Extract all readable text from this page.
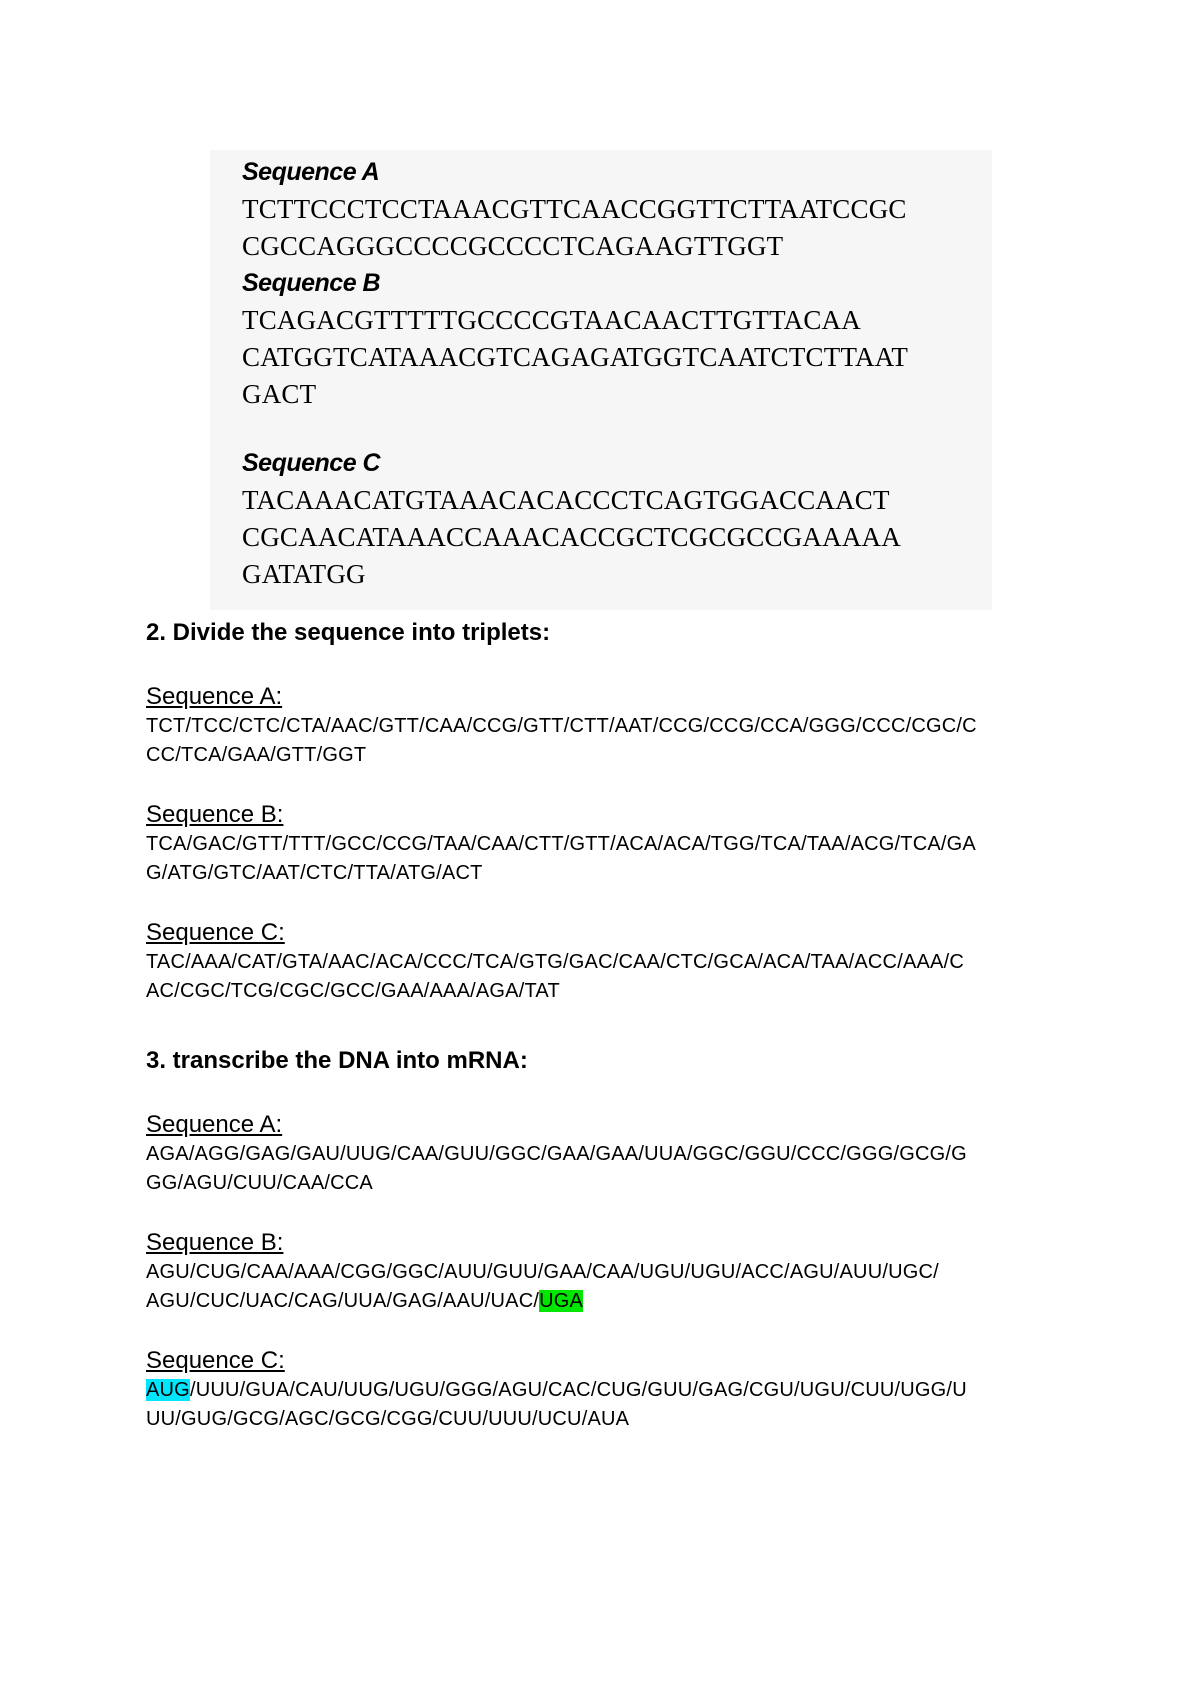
Sequence A
TCTTCCCTCCTAAACGTTCAACCGGTTCTTAATCCGC
CGCCAGGGCCCCGCCCCTCAGAAGTTGGT
Sequence B
TCAGACGTTTTTGCCCCGTAACAACTTGTTACAA
CATGGTCATAAACGTCAGAGATGGTCAATCTCTTAAT
GACT
Sequence C
TACAAACATGTAAACACACCCTCAGTGGACCAACT
CGCAACATAAACCAAACACCGCTCGCGCCGAAAAA
GATATGG
2. Divide the sequence into triplets:
Sequence A:
TCT/TCC/CTC/CTA/AAC/GTT/CAA/CCG/GTT/CTT/AAT/CCG/CCG/CCA/GGG/CCC/CGC/C
CC/TCA/GAA/GTT/GGT
Sequence B:
TCA/GAC/GTT/TTT/GCC/CCG/TAA/CAA/CTT/GTT/ACA/ACA/TGG/TCA/TAA/ACG/TCA/GA
G/ATG/GTC/AAT/CTC/TTA/ATG/ACT
Sequence C:
TAC/AAA/CAT/GTA/AAC/ACA/CCC/TCA/GTG/GAC/CAA/CTC/GCA/ACA/TAA/ACC/AAA/C
AC/CGC/TCG/CGC/GCC/GAA/AAA/AGA/TAT
3. transcribe the DNA into mRNA:
Sequence A:
AGA/AGG/GAG/GAU/UUG/CAA/GUU/GGC/GAA/GAA/UUA/GGC/GGU/CCC/GGG/GCG/G
GG/AGU/CUU/CAA/CCA
Sequence B:
AGU/CUG/CAA/AAA/CGG/GGC/AUU/GUU/GAA/CAA/UGU/UGU/ACC/AGU/AUU/UGC/
AGU/CUC/UAC/CAG/UUA/GAG/AAU/UAC/UGA
Sequence C:
AUG/UUU/GUA/CAU/UUG/UGU/GGG/AGU/CAC/CUG/GUU/GAG/CGU/UGU/CUU/UGG/U
UU/GUG/GCG/AGC/GCG/CGG/CUU/UUU/UCU/AUA
